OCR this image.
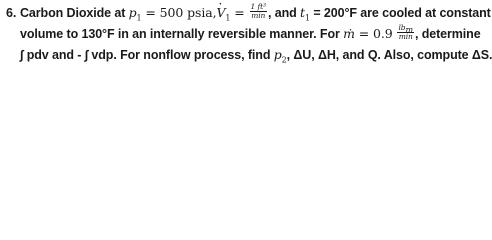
6. Carbon Dioxide at $p_1 = 500$ psia,· $V_1 = \frac{\text{1 ft³}}{\min}$ , and $t_1 = 200^\circ F$ are cooled at constant
volume to 130°F in an internally reversible manner. For ṁ = $0.9 \frac{lb_m}{\min}$ , determine
∫ pdv and - ∫ vdp. For nonflow process, find $p_2$, ΔU, ΔH, and Q. Also, compute ΔS.
